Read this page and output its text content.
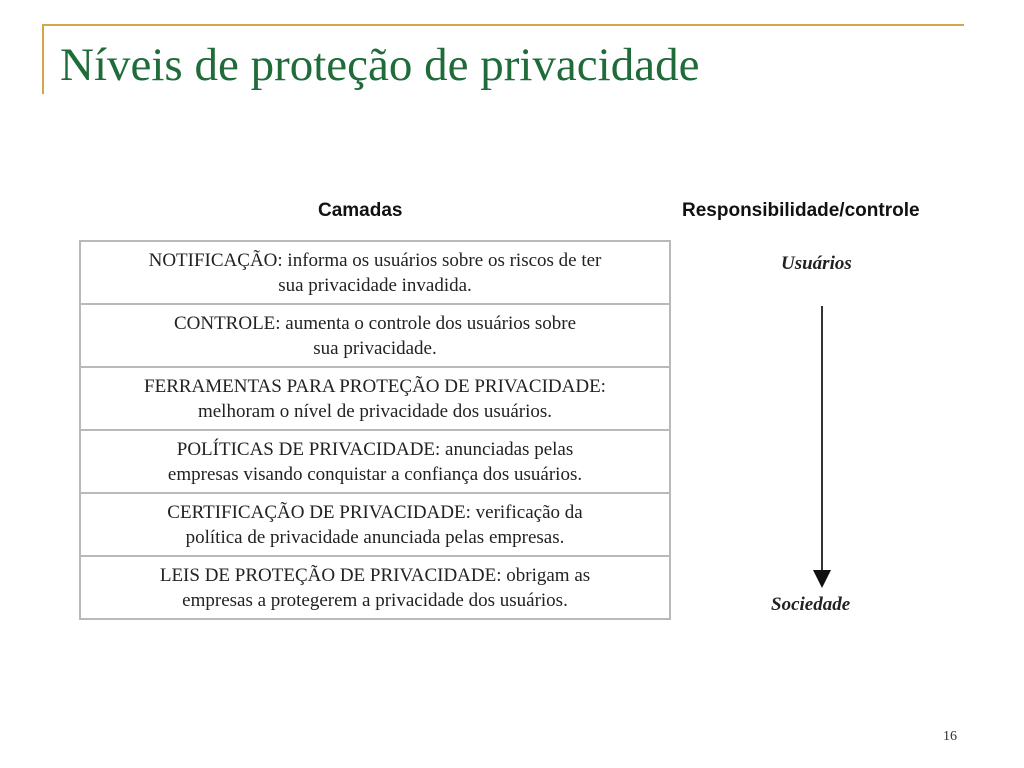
Níveis de proteção de privacidade
Camadas	Responsibilidade/controle
NOTIFICAÇÃO: informa os usuários sobre os riscos de ter
sua privacidade invadida.
CONTROLE: aumenta o controle dos usuários sobre
sua privacidade.
FERRAMENTAS PARA PROTEÇÃO DE PRIVACIDADE:
melhoram o nível de privacidade dos usuários.
POLÍTICAS DE PRIVACIDADE: anunciadas pelas
empresas visando conquistar a confiança dos usuários.
CERTIFICAÇÃO DE PRIVACIDADE: verificação da
política de privacidade anunciada pelas empresas.
LEIS DE PROTEÇÃO DE PRIVACIDADE: obrigam as
empresas a protegerem a privacidade dos usuários.
Usuários
Sociedade
16
